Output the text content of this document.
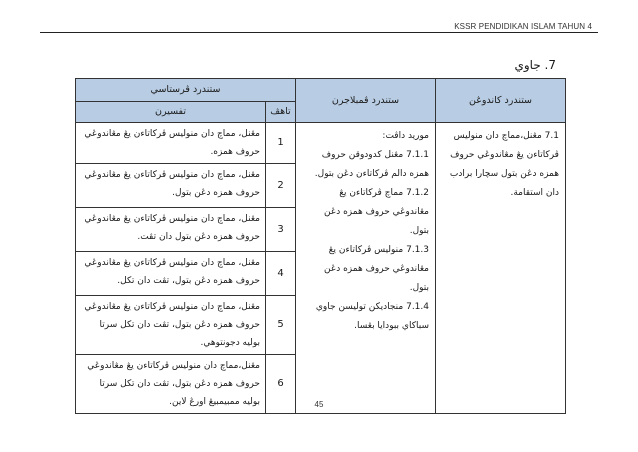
KSSR PENDIDIKAN ISLAM TAHUN 4
7. جاوي
ستندرد ڤرستاسي		ستندرد ڤمبلاجرن	ستندرد کاندوڠن
تفسيرن	تاهڤ		
مڠنل، مماچ دان منوليس ڤرکاتاءن يڠ مڠاندوڠي حروف همزه.	1	موريد داڤت:
7.1.1 مڠنل کدودوقن حروف همزه دالم ڤرکاتاءن دڠن بتول.
7.1.2 مماچ ڤرکاتاءن يڠ مڠاندوڠي حروف همزه دڠن بتول.
7.1.3 منوليس ڤرکاتاءن يڠ مڠاندوڠي حروف همزه دڠن بتول.
7.1.4 منجاديکن تولیسن جاوي سباکاي ببودايا بڠسا.	7.1 مڠنل،مماچ دان منوليس ڤرکاتاءن يڠ مڠاندوڠي حروف همزه دڠن بتول سچارا برادب دان استقامة.
مڠنل، مماچ دان منوليس ڤرکاتاءن يڠ مڠاندوڠي حروف همزه دڠن بتول.	2		
مڠنل، مماچ دان منوليس ڤرکاتاءن يڠ مڠاندوڠي حروف همزه دڠن بتول دان تڤت.	3		
مڠنل، مماچ دان منوليس ڤرکاتاءن يڠ مڠاندوڠي حروف همزه دڠن بتول، تڤت دان تکل.	4		
مڠنل، مماچ دان منوليس ڤرکاتاءن يڠ مڠاندوڠي حروف همزه دڠن بتول، تڤت دان تکل سرتا بوليه دجونتوهي.	5		
مڠنل،مماچ دان منوليس ڤرکاتاءن يڠ مڠاندوڠي حروف همزه دڠن بتول، تڤت دان تکل سرتا بوليه ممبيمبيڠ اورڠ لاين.	6		
45
